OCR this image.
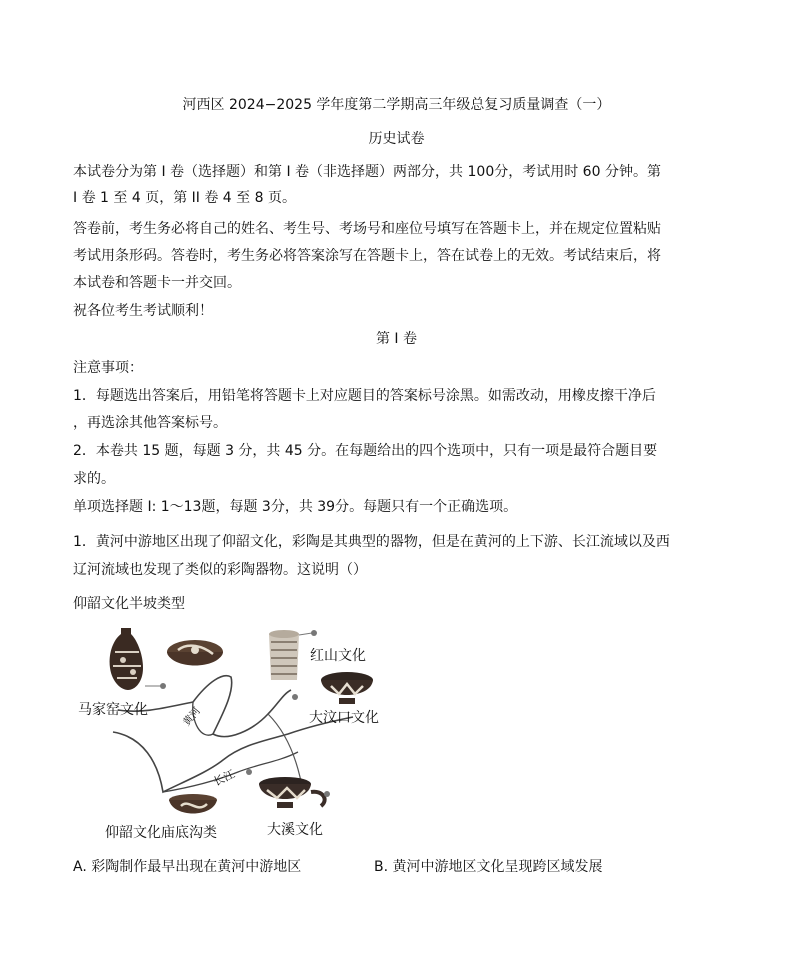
河西区 2024−2025 学年度第二学期高三年级总复习质量调查（一）
历史试卷
本试卷分为第 I 卷（选择题）和第 I 卷（非选择题）两部分，共 100分，考试用时 60 分钟。第
I 卷 1 至 4 页，第 II 卷 4 至 8 页。
答卷前，考生务必将自己的姓名、考生号、考场号和座位号填写在答题卡上，并在规定位置粘贴
考试用条形码。答卷时，考生务必将答案涂写在答题卡上，答在试卷上的无效。考试结束后，将
本试卷和答题卡一并交回。
祝各位考生考试顺利！
第 I 卷
注意事项：
1．每题选出答案后，用铅笔将答题卡上对应题目的答案标号涂黑。如需改动，用橡皮擦干净后
，再选涂其他答案标号。
2．本卷共 15 题，每题 3 分，共 45 分。在每题给出的四个选项中，只有一项是最符合题目要
求的。
单项选择题 I: 1～13题，每题 3分，共 39分。每题只有一个正确选项。
1．黄河中游地区出现了仰韶文化，彩陶是其典型的器物，但是在黄河的上下游、长江流域以及西
辽河流域也发现了类似的彩陶器物。这说明（）
仰韶文化半坡类型
马家窑文化
红山文化
大汶口文化
仰韶文化庙底沟类	大溪文化
黄河
长江
A. 彩陶制作最早出现在黄河中游地区	B. 黄河中游地区文化呈现跨区域发展
